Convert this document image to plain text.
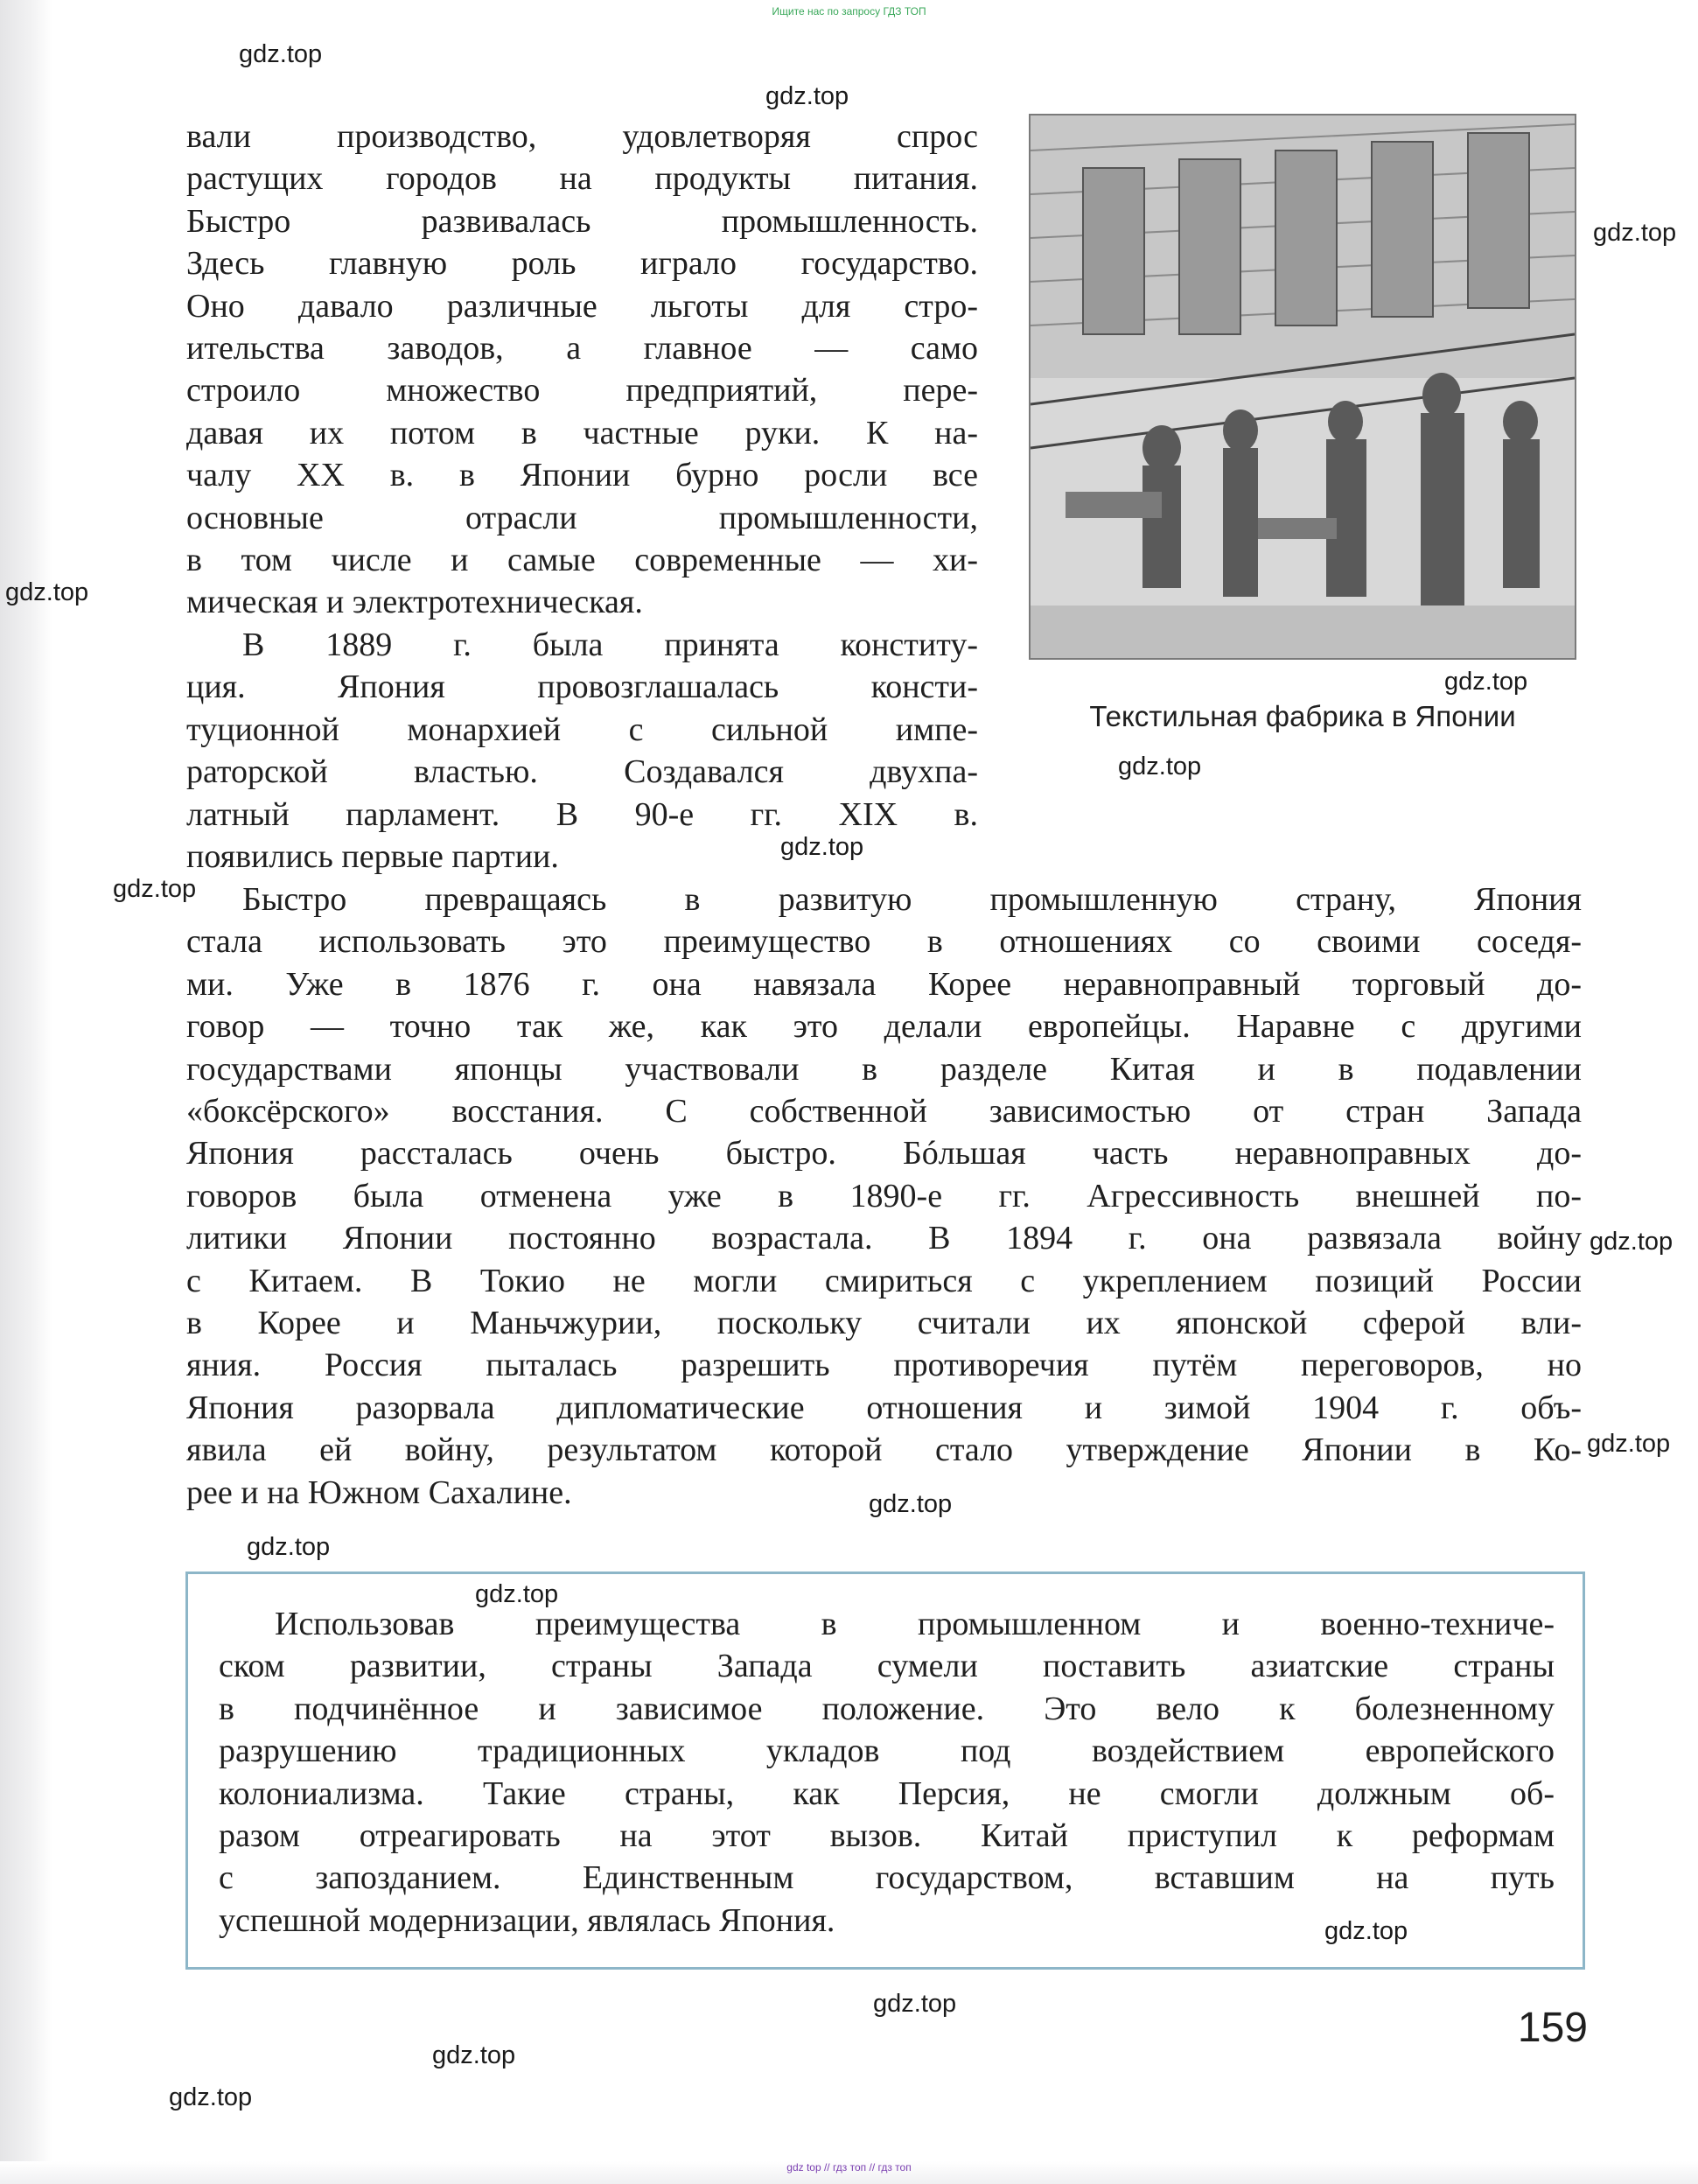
Ищите нас по запросу ГДЗ ТОП
вали производство, удовлетворяя спрос
растущих городов на продукты питания.
Быстро развивалась промышленность.
Здесь главную роль играло государство.
Оно давало различные льготы для стро-
ительства заводов, а главное — само
строило множество предприятий, пере-
давая их потом в частные руки. К на-
чалу XX в. в Японии бурно росли все
основные отрасли промышленности,
в том числе и самые современные — хи-
мическая и электротехническая.
В 1889 г. была принята конститу-
ция. Япония провозглашалась консти-
туционной монархией с сильной импе-
раторской властью. Создавался двухпа-
латный парламент. В 90-е гг. XIX в.
появились первые партии.
Текстильная фабрика в Японии
Быстро превращаясь в развитую промышленную страну, Япония
стала использовать это преимущество в отношениях со своими соседя-
ми. Уже в 1876 г. она навязала Корее неравноправный торговый до-
говор — точно так же, как это делали европейцы. Наравне с другими
государствами японцы участвовали в разделе Китая и в подавлении
«боксёрского» восстания. С собственной зависимостью от стран Запада
Япония рассталась очень быстро. Бóльшая часть неравноправных до-
говоров была отменена уже в 1890-е гг. Агрессивность внешней по-
литики Японии постоянно возрастала. В 1894 г. она развязала войну
с Китаем. В Токио не могли смириться с укреплением позиций России
в Корее и Маньчжурии, поскольку считали их японской сферой вли-
яния. Россия пыталась разрешить противоречия путём переговоров, но
Япония разорвала дипломатические отношения и зимой 1904 г. объ-
явила ей войну, результатом которой стало утверждение Японии в Ко-
рее и на Южном Сахалине.
Использовав преимущества в промышленном и военно-техниче-
ском развитии, страны Запада сумели поставить азиатские страны
в подчинённое и зависимое положение. Это вело к болезненному
разрушению традиционных укладов под воздействием европейского
колониализма. Такие страны, как Персия, не смогли должным об-
разом отреагировать на этот вызов. Китай приступил к реформам
с запозданием. Единственным государством, вставшим на путь
успешной модернизации, являлась Япония.
159
gdz.top
gdz.top
gdz.top
gdz.top
gdz.top
gdz.top
gdz.top
gdz.top
gdz.top
gdz.top
gdz.top
gdz.top
gdz.top
gdz.top
gdz.top
gdz.top
gdz.top
gdz top // гдз топ // гдз топ
